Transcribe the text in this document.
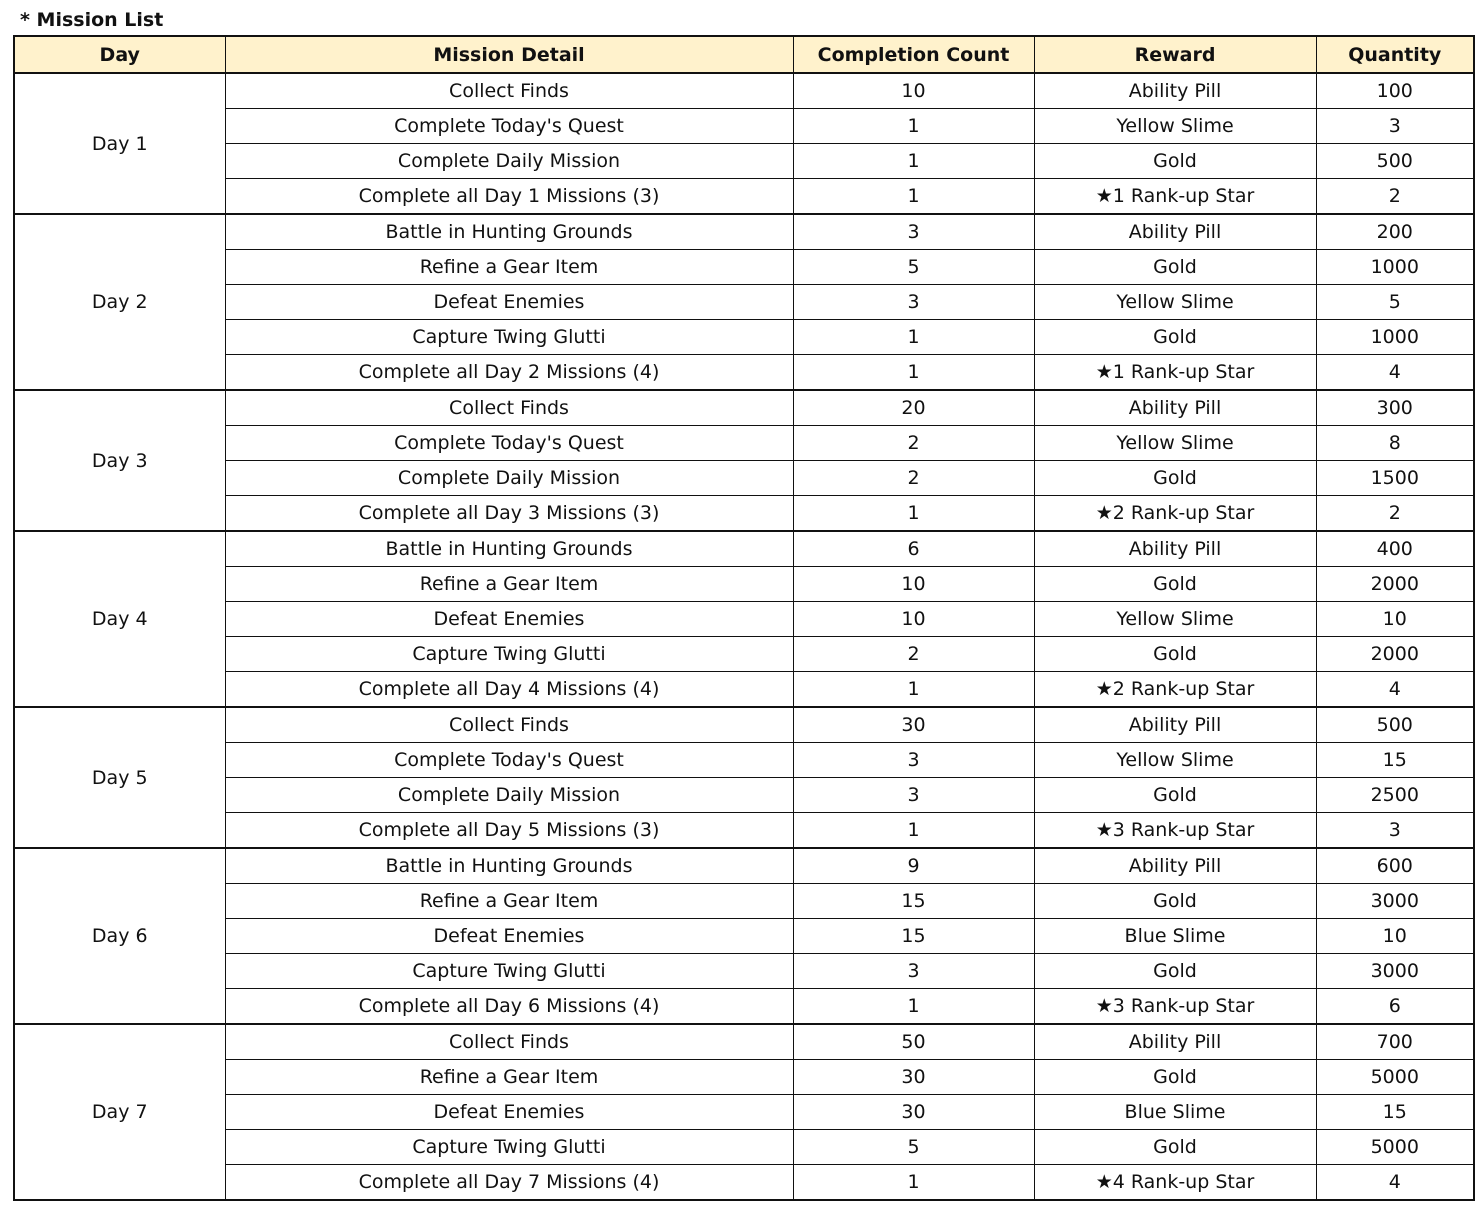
* Mission List
Day	Mission Detail	Completion Count	Reward	Quantity
Day 1	Collect Finds	10	Ability Pill	100
	Complete Today's Quest	1	Yellow Slime	3
	Complete Daily Mission	1	Gold	500
	Complete all Day 1 Missions (3)	1	★1 Rank-up Star	2
Day 2	Battle in Hunting Grounds	3	Ability Pill	200
	Refine a Gear Item	5	Gold	1000
	Defeat Enemies	3	Yellow Slime	5
	Capture Twing Glutti	1	Gold	1000
	Complete all Day 2 Missions (4)	1	★1 Rank-up Star	4
Day 3	Collect Finds	20	Ability Pill	300
	Complete Today's Quest	2	Yellow Slime	8
	Complete Daily Mission	2	Gold	1500
	Complete all Day 3 Missions (3)	1	★2 Rank-up Star	2
Day 4	Battle in Hunting Grounds	6	Ability Pill	400
	Refine a Gear Item	10	Gold	2000
	Defeat Enemies	10	Yellow Slime	10
	Capture Twing Glutti	2	Gold	2000
	Complete all Day 4 Missions (4)	1	★2 Rank-up Star	4
Day 5	Collect Finds	30	Ability Pill	500
	Complete Today's Quest	3	Yellow Slime	15
	Complete Daily Mission	3	Gold	2500
	Complete all Day 5 Missions (3)	1	★3 Rank-up Star	3
Day 6	Battle in Hunting Grounds	9	Ability Pill	600
	Refine a Gear Item	15	Gold	3000
	Defeat Enemies	15	Blue Slime	10
	Capture Twing Glutti	3	Gold	3000
	Complete all Day 6 Missions (4)	1	★3 Rank-up Star	6
Day 7	Collect Finds	50	Ability Pill	700
	Refine a Gear Item	30	Gold	5000
	Defeat Enemies	30	Blue Slime	15
	Capture Twing Glutti	5	Gold	5000
	Complete all Day 7 Missions (4)	1	★4 Rank-up Star	4
